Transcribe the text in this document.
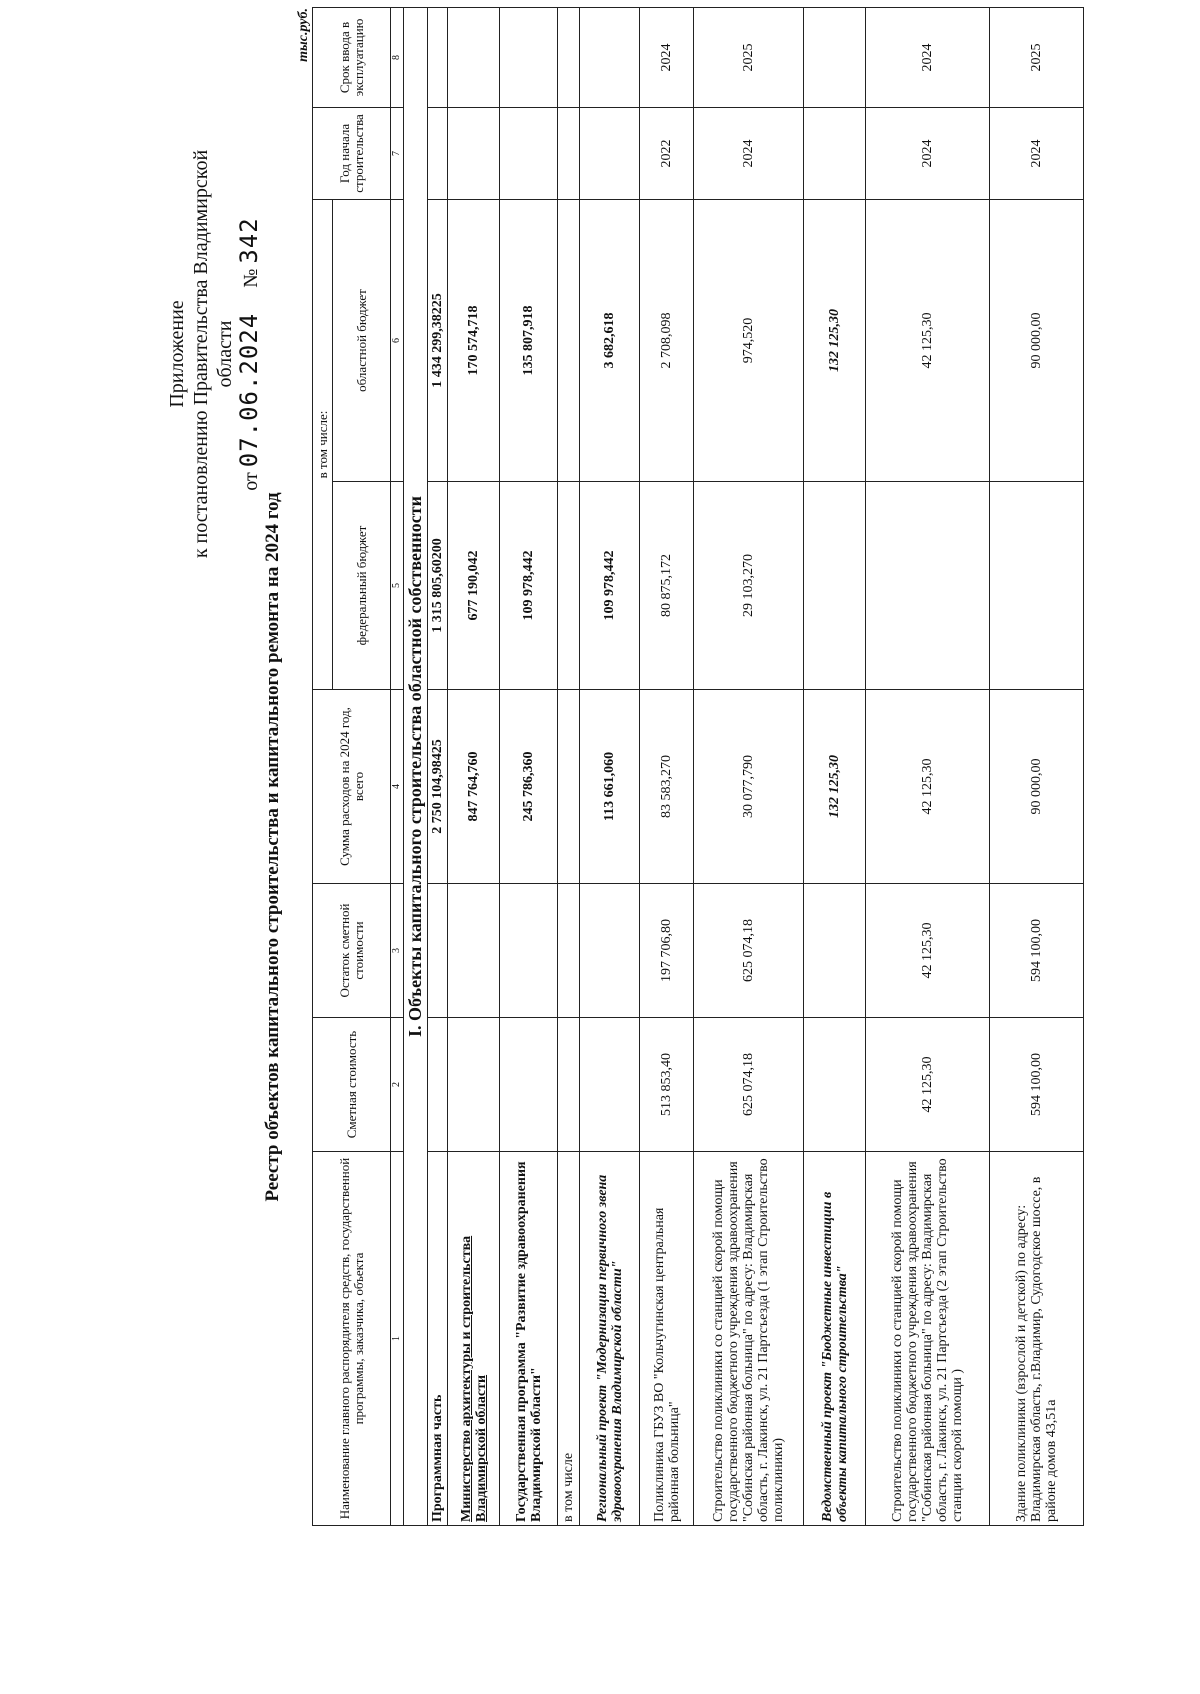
Приложение к постановлению Правительства Владимирской области
от 07.06.2024     № 342
Реестр объектов капитального строительства и капитального ремонта на 2024 год
тыс.руб.
Наименование главного распорядителя средств, государственной программы, заказчика, объекта	Сметная стоимость	Остаток сметной стоимости	Сумма расходов на 2024 год, всего	в том числе:		Год начала строительства	Срок ввода в эксплуатацию
				федеральный бюджет	областной бюджет		
1	2	3	4	5	6	7	8
I. Объекты капитального строительства областной собственности							
Программная часть			2 750 104,98425	1 315 805,60200	1 434 299,38225		
Министерство архитектуры и строительства Владимирской области			847 764,760	677 190,042	170 574,718		
Государственная программа "Развитие здравоохранения Владимирской области"			245 786,360	109 978,442	135 807,918		
в том числе							
Региональный проект "Модернизация первичного звена здравоохранения Владимирской области"			113 661,060	109 978,442	3 682,618		
Поликлиника ГБУЗ ВО "Кольчугинская центральная районная больница"	513 853,40	197 706,80	83 583,270	80 875,172	2 708,098	2022	2024
Строительство поликлиники со станцией скорой помощи государственного бюджетного учреждения здравоохранения "Собинская районная больница" по адресу: Владимирская область, г. Лакинск, ул. 21 Партсъезда (1 этап Строительство поликлиники)	625 074,18	625 074,18	30 077,790	29 103,270	974,520	2024	2025
Ведомственный проект "Бюджетные инвестиции в объекты капитального строительства"			132 125,30		132 125,30		
Строительство поликлиники со станцией скорой помощи государственного бюджетного учреждения здравоохранения "Собинская районная больница" по адресу: Владимирская область, г. Лакинск, ул. 21 Партсъезда (2 этап Строительство станции скорой помощи )	42 125,30	42 125,30	42 125,30		42 125,30	2024	2024
Здание поликлиники (взрослой и детской) по адресу: Владимирская область, г.Владимир, Судогодское шоссе, в районе домов 43,51а	594 100,00	594 100,00	90 000,00		90 000,00	2024	2025
